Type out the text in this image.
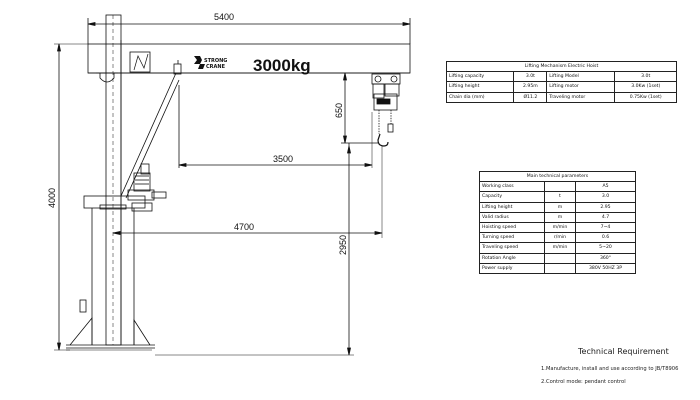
STRONG
CRANE 3000kg
5400
4000
650
3500
4700
2950
Lifting Mechanism Electric Hoist			
Lifting capacity	3.0t	Lifting Model	3.0t
Lifting height	2.95m	Lifting motor	3.0Kw (1set)
Chain dia (mm)	Ø11.2	Traveling motor	0.75Kw (1set)
Main technical parameters		
Working class		A5
Capacity	t	3.0
Lifting height	m	2.95
Valid radius	m	4.7
Hoisting speed	m/min	7~4
Turning speed	r/min	0.6
Traveling speed	m/min	5~20
Rotation Angle		360°
Power supply		380V 50HZ 3P
Technical Requirement
1.Manufacture, install and use according to JB/T8906
2.Control mode: pendant control
